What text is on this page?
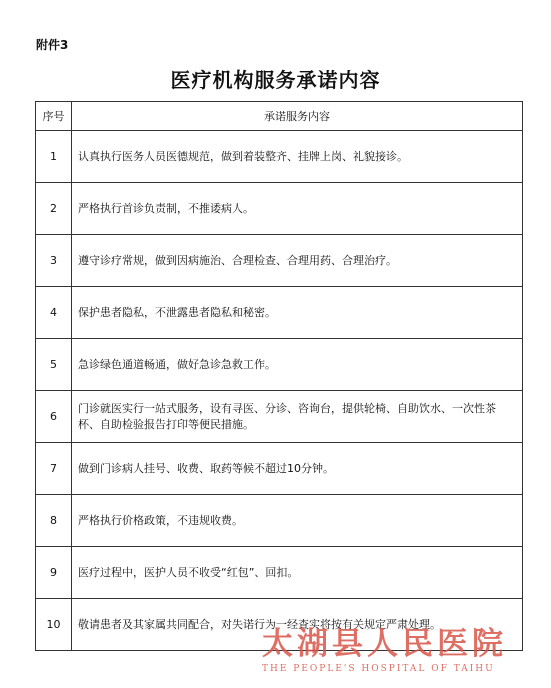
附件3
医疗机构服务承诺内容
序号	承诺服务内容
1	认真执行医务人员医德规范，做到着装整齐、挂牌上岗、礼貌接诊。
2	严格执行首诊负责制，不推诿病人。
3	遵守诊疗常规，做到因病施治、合理检查、合理用药、合理治疗。
4	保护患者隐私，不泄露患者隐私和秘密。
5	急诊绿色通道畅通，做好急诊急救工作。
6	门诊就医实行一站式服务，设有寻医、分诊、咨询台，提供轮椅、自助饮水、一次性茶杯、自助检验报告打印等便民措施。
7	做到门诊病人挂号、收费、取药等候不超过10分钟。
8	严格执行价格政策，不违规收费。
9	医疗过程中，医护人员不收受“红包”、回扣。
10	敬请患者及其家属共同配合，对失诺行为一经查实将按有关规定严肃处理。
太湖县人民医院
THE PEOPLE'S HOSPITAL OF TAIHU
